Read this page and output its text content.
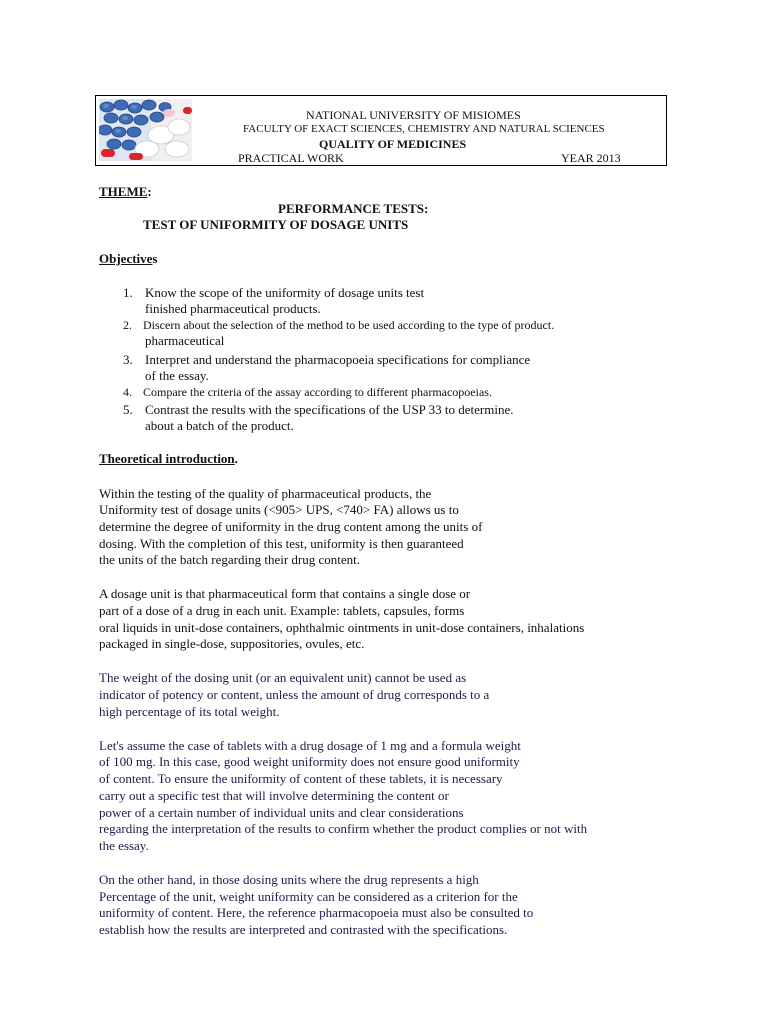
NATIONAL UNIVERSITY OF MISIOMES
FACULTY OF EXACT SCIENCES, CHEMISTRY AND NATURAL SCIENCES
QUALITY OF MEDICINES
PRACTICAL WORK	YEAR 2013
THEME:
PERFORMANCE TESTS:
TEST OF UNIFORMITY OF DOSAGE UNITS
Objectives
1. Know the scope of the uniformity of dosage units test
finished pharmaceutical products.
2. Discern about the selection of the method to be used according to the type of product.
pharmaceutical
3. Interpret and understand the pharmacopoeia specifications for compliance
of the essay.
4. Compare the criteria of the assay according to different pharmacopoeias.
5. Contrast the results with the specifications of the USP 33 to determine.
about a batch of the product.
Theoretical introduction.
Within the testing of the quality of pharmaceutical products, the
Uniformity test of dosage units (<905> UPS, <740> FA) allows us to
determine the degree of uniformity in the drug content among the units of
dosing. With the completion of this test, uniformity is then guaranteed
the units of the batch regarding their drug content.
A dosage unit is that pharmaceutical form that contains a single dose or
part of a dose of a drug in each unit. Example: tablets, capsules, forms
oral liquids in unit-dose containers, ophthalmic ointments in unit-dose containers, inhalations
packaged in single-dose, suppositories, ovules, etc.
The weight of the dosing unit (or an equivalent unit) cannot be used as
indicator of potency or content, unless the amount of drug corresponds to a
high percentage of its total weight.
Let's assume the case of tablets with a drug dosage of 1 mg and a formula weight
of 100 mg. In this case, good weight uniformity does not ensure good uniformity
of content. To ensure the uniformity of content of these tablets, it is necessary
carry out a specific test that will involve determining the content or
power of a certain number of individual units and clear considerations
regarding the interpretation of the results to confirm whether the product complies or not with
the essay.
On the other hand, in those dosing units where the drug represents a high
Percentage of the unit, weight uniformity can be considered as a criterion for the
uniformity of content. Here, the reference pharmacopoeia must also be consulted to
establish how the results are interpreted and contrasted with the specifications.
